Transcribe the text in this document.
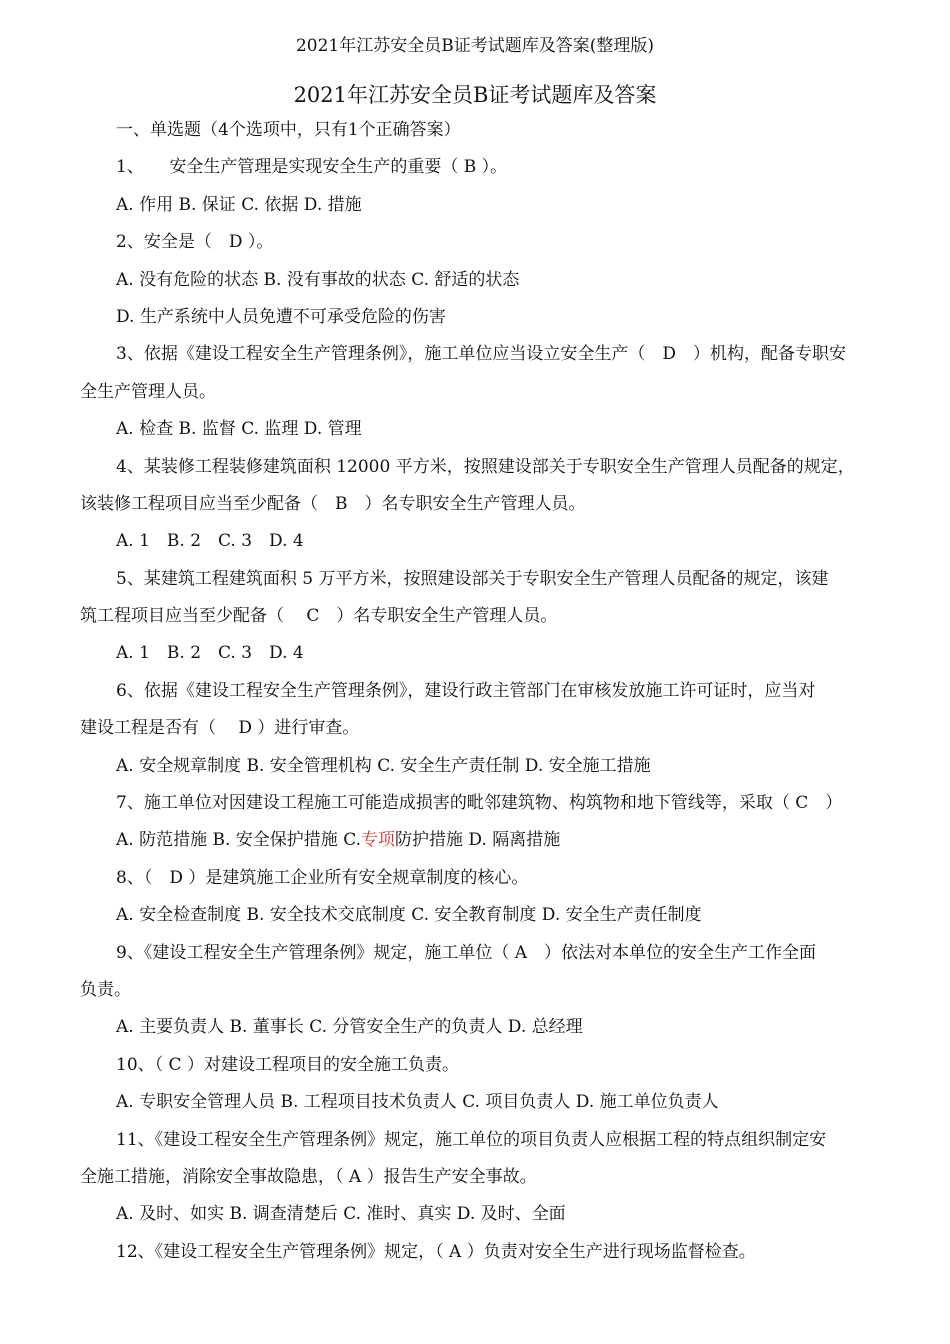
2021年江苏安全员B证考试题库及答案(整理版)
2021年江苏安全员B证考试题库及答案
一、单选题（4个选项中，只有1个正确答案）
1、　　安全生产管理是实现安全生产的重要（ B ）。
A. 作用 B. 保证 C. 依据 D. 措施
2、安全是（　D ）。
A. 没有危险的状态 B. 没有事故的状态 C. 舒适的状态
D. 生产系统中人员免遭不可承受危险的伤害
3、依据《建设工程安全生产管理条例》，施工单位应当设立安全生产（　D　）机构，配备专职安
全生产管理人员。
A. 检查 B. 监督 C. 监理 D. 管理
4、某装修工程装修建筑面积 12000 平方米，按照建设部关于专职安全生产管理人员配备的规定，
该装修工程项目应当至少配备（　B　）名专职安全生产管理人员。
A. 1　B. 2　C. 3　D. 4
5、某建筑工程建筑面积 5 万平方米，按照建设部关于专职安全生产管理人员配备的规定，该建
筑工程项目应当至少配备（　 C　）名专职安全生产管理人员。
A. 1　B. 2　C. 3　D. 4
6、依据《建设工程安全生产管理条例》，建设行政主管部门在审核发放施工许可证时，应当对
建设工程是否有（　 D ）进行审查。
A. 安全规章制度 B. 安全管理机构 C. 安全生产责任制 D. 安全施工措施
7、施工单位对因建设工程施工可能造成损害的毗邻建筑物、构筑物和地下管线等，采取（ C　）
A. 防范措施 B. 安全保护措施 C.专项防护措施 D. 隔离措施
8、（　D ）是建筑施工企业所有安全规章制度的核心。
A. 安全检查制度 B. 安全技术交底制度 C. 安全教育制度 D. 安全生产责任制度
9、《建设工程安全生产管理条例》规定，施工单位（ A　）依法对本单位的安全生产工作全面
负责。
A. 主要负责人 B. 董事长 C. 分管安全生产的负责人 D. 总经理
10、（ C ）对建设工程项目的安全施工负责。
A. 专职安全管理人员 B. 工程项目技术负责人 C. 项目负责人 D. 施工单位负责人
11、《建设工程安全生产管理条例》规定，施工单位的项目负责人应根据工程的特点组织制定安
全施工措施，消除安全事故隐患，（ A ）报告生产安全事故。
A. 及时、如实 B. 调查清楚后 C. 准时、真实 D. 及时、全面
12、《建设工程安全生产管理条例》规定，（ A ）负责对安全生产进行现场监督检查。
